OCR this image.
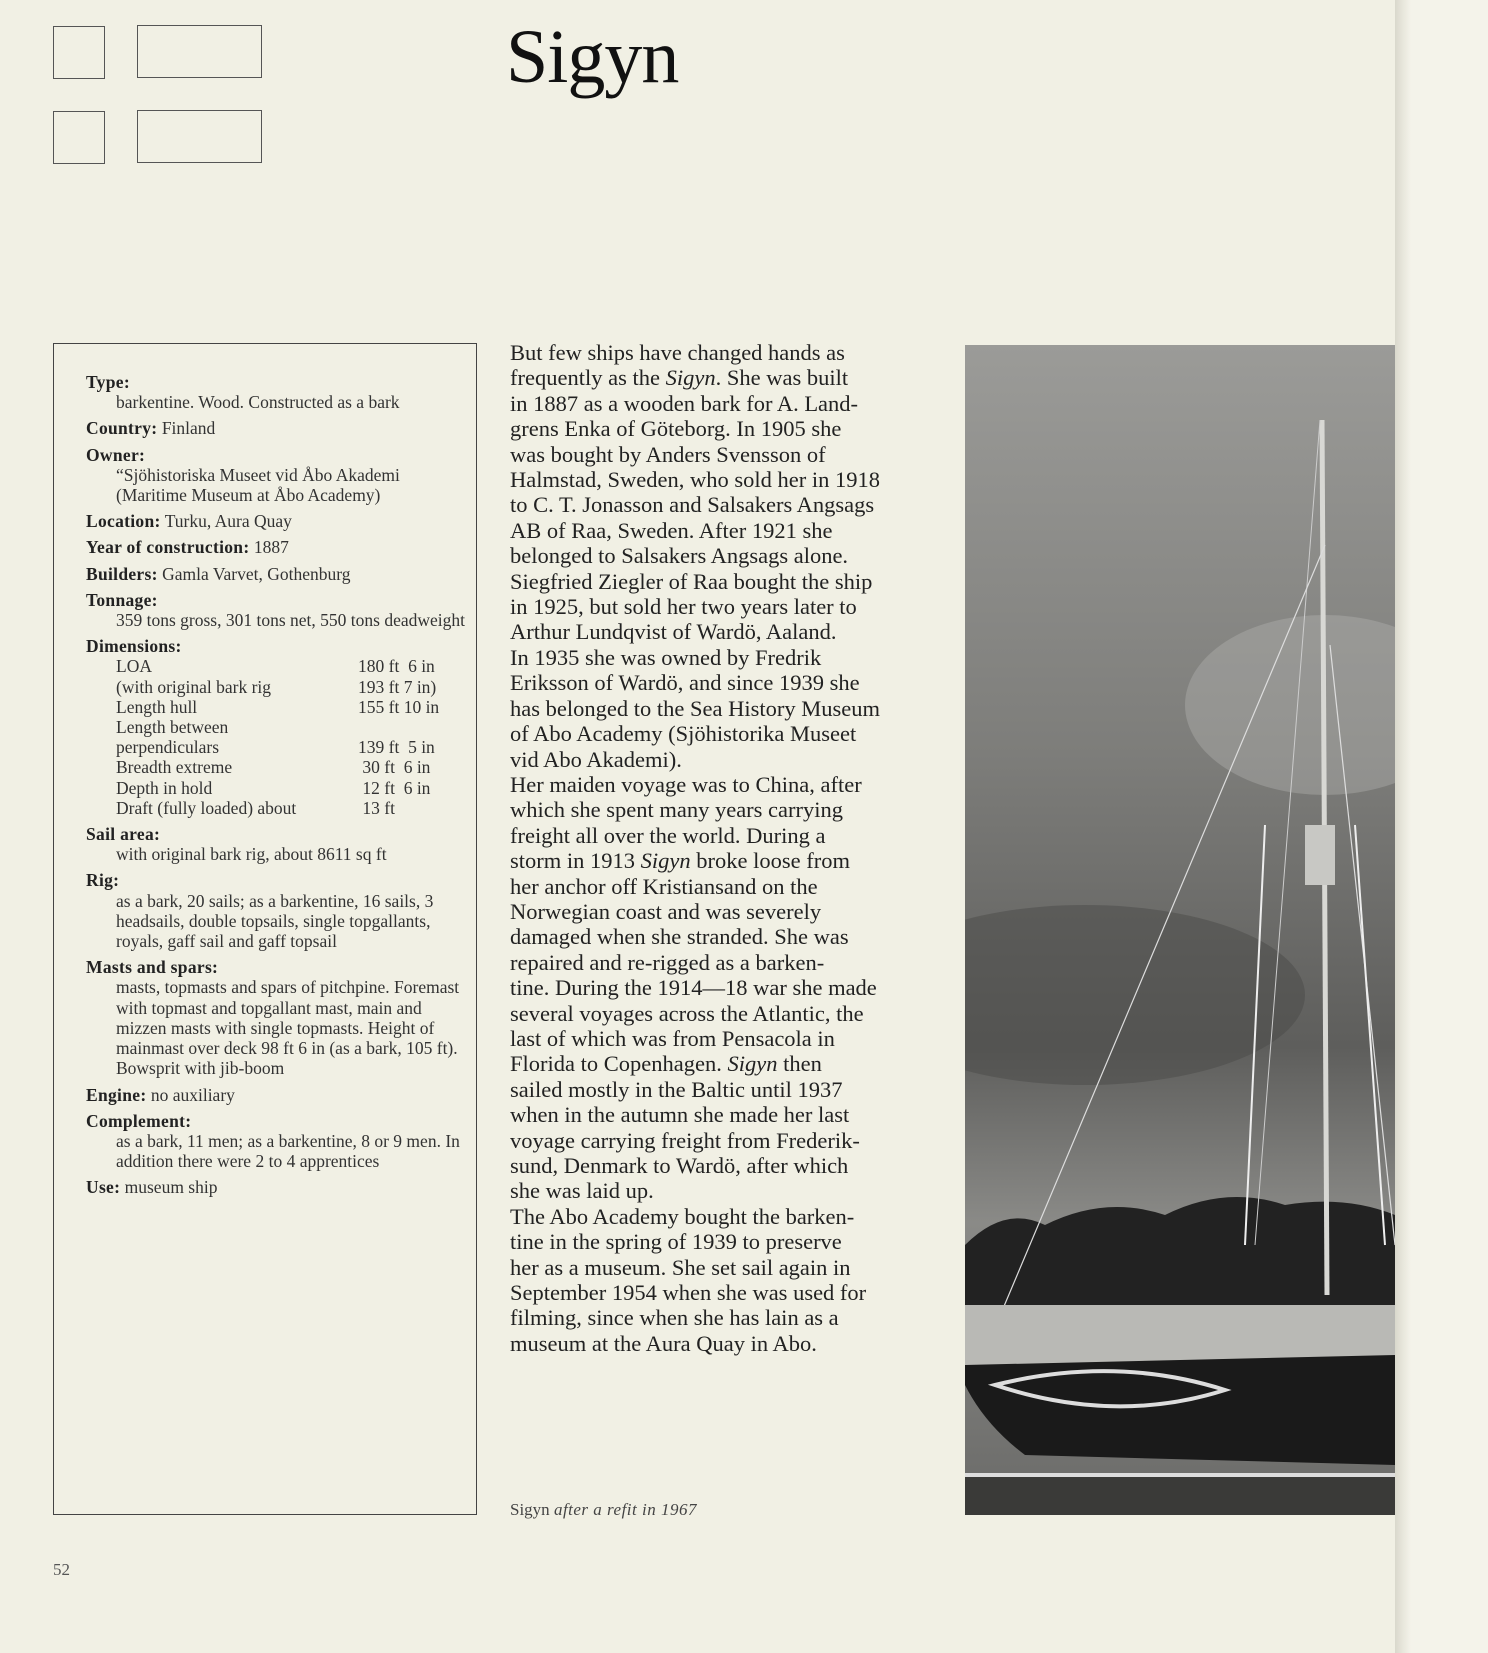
Sigyn
Type:
barkentine. Wood. Constructed as a bark
Country: Finland
Owner:
“Sjöhistoriska Museet vid Åbo Akademi (Maritime Museum at Åbo Academy)
Location: Turku, Aura Quay
Year of construction: 1887
Builders: Gamla Varvet, Gothenburg
Tonnage:
359 tons gross, 301 tons net, 550 tons deadweight
Dimensions:
LOA	180 ft  6 in
(with original bark rig	193 ft 7 in)
Length hull	155 ft 10 in
Length between
perpendiculars	139 ft  5 in
Breadth extreme	30 ft  6 in
Depth in hold	12 ft  6 in
Draft (fully loaded) about	13 ft
Sail area:
with original bark rig, about 8611 sq ft
Rig:
as a bark, 20 sails; as a barkentine, 16 sails, 3 headsails, double topsails, single topgallants, royals, gaff sail and gaff topsail
Masts and spars:
masts, topmasts and spars of pitchpine. Foremast with topmast and topgallant mast, main and mizzen masts with single topmasts. Height of mainmast over deck 98 ft 6 in (as a bark, 105 ft). Bowsprit with jib-boom
Engine: no auxiliary
Complement:
as a bark, 11 men; as a barkentine, 8 or 9 men. In addition there were 2 to 4 apprentices
Use: museum ship
But few ships have changed hands as
frequently as the Sigyn. She was built
in 1887 as a wooden bark for A. Land-
grens Enka of Göteborg. In 1905 she
was bought by Anders Svensson of
Halmstad, Sweden, who sold her in 1918
to C. T. Jonasson and Salsakers Angsags
AB of Raa, Sweden. After 1921 she
belonged to Salsakers Angsags alone.
Siegfried Ziegler of Raa bought the ship
in 1925, but sold her two years later to
Arthur Lundqvist of Wardö, Aaland.
In 1935 she was owned by Fredrik
Eriksson of Wardö, and since 1939 she
has belonged to the Sea History Museum
of Abo Academy (Sjöhistorika Museet
vid Abo Akademi).
Her maiden voyage was to China, after
which she spent many years carrying
freight all over the world. During a
storm in 1913 Sigyn broke loose from
her anchor off Kristiansand on the
Norwegian coast and was severely
damaged when she stranded. She was
repaired and re-rigged as a barken-
tine. During the 1914—18 war she made
several voyages across the Atlantic, the
last of which was from Pensacola in
Florida to Copenhagen. Sigyn then
sailed mostly in the Baltic until 1937
when in the autumn she made her last
voyage carrying freight from Frederik-
sund, Denmark to Wardö, after which
she was laid up.
The Abo Academy bought the barken-
tine in the spring of 1939 to preserve
her as a museum. She set sail again in
September 1954 when she was used for
filming, since when she has lain as a
museum at the Aura Quay in Abo.
Sigyn after a refit in 1967
52
